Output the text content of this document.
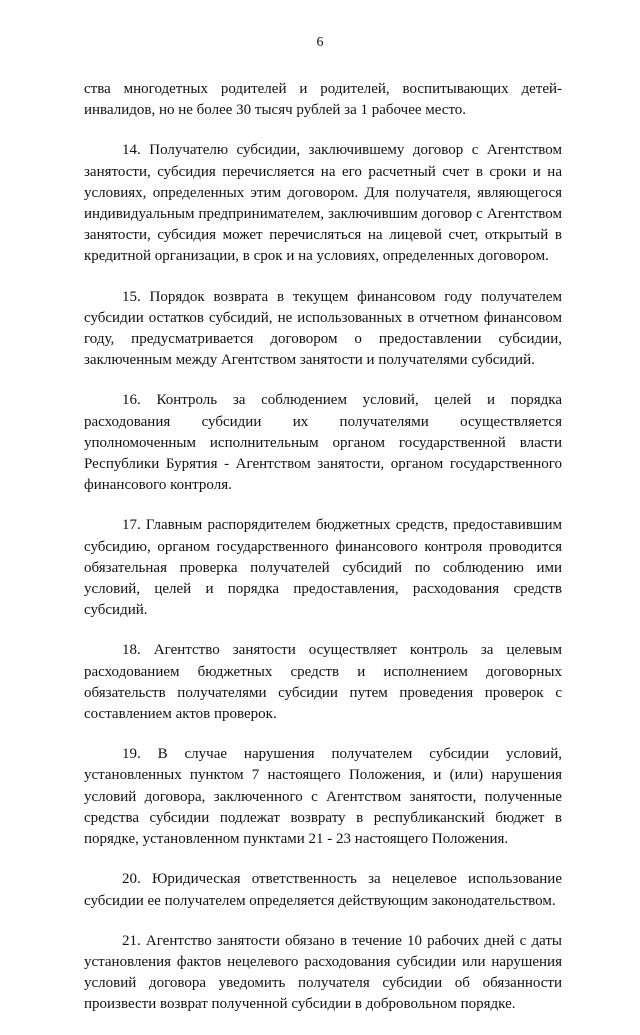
6

ства многодетных родителей и родителей, воспитывающих детей-инвалидов, но не более 30 тысяч рублей за 1 рабочее место.

14. Получателю субсидии, заключившему договор с Агентством занятости, субсидия перечисляется на его расчетный счет в сроки и на условиях, определенных этим договором. Для получателя, являющегося индивидуальным предпринимателем, заключившим договор с Агентством занятости, субсидия может перечисляться на лицевой счет, открытый в кредитной организации, в срок и на условиях, определенных договором.

15. Порядок возврата в текущем финансовом году получателем субсидии остатков субсидий, не использованных в отчетном финансовом году, предусматривается договором о предоставлении субсидии, заключенным между Агентством занятости и получателями субсидий.

16. Контроль за соблюдением условий, целей и порядка расходования субсидии их получателями осуществляется уполномоченным исполнительным органом государственной власти Республики Бурятия - Агентством занятости, органом государственного финансового контроля.

17. Главным распорядителем бюджетных средств, предоставившим субсидию, органом государственного финансового контроля проводится обязательная проверка получателей субсидий по соблюдению ими условий, целей и порядка предоставления, расходования средств субсидий.

18. Агентство занятости осуществляет контроль за целевым расходованием бюджетных средств и исполнением договорных обязательств получателями субсидии путем проведения проверок с составлением актов проверок.

19. В случае нарушения получателем субсидии условий, установленных пунктом 7 настоящего Положения, и (или) нарушения условий договора, заключенного с Агентством занятости, полученные средства субсидии подлежат возврату в республиканский бюджет в порядке, установленном пунктами 21 - 23 настоящего Положения.

20. Юридическая ответственность за нецелевое использование субсидии ее получателем определяется действующим законодательством.

21. Агентство занятости обязано в течение 10 рабочих дней с даты установления фактов нецелевого расходования субсидии или нарушения условий договора уведомить получателя субсидии об обязанности произвести возврат полученной субсидии в добровольном порядке.
